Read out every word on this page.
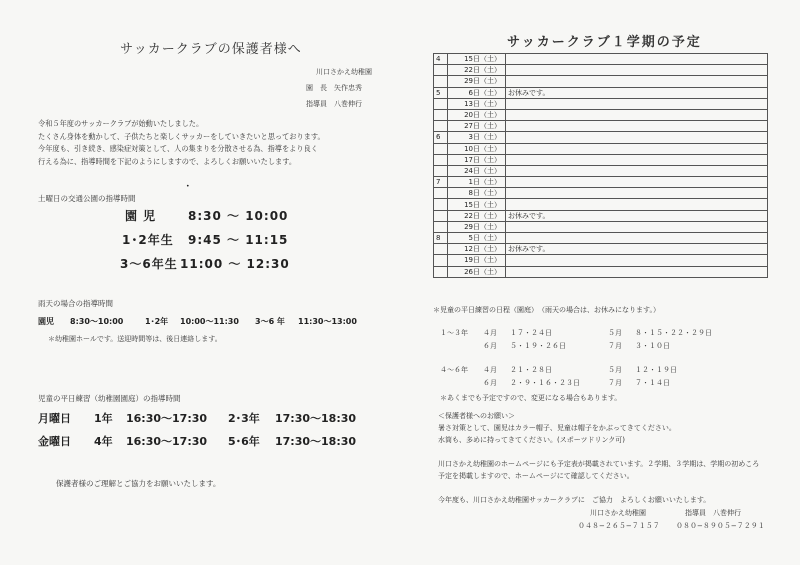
サッカークラブの保護者様へ
川口さかえ幼稚園
園　長　矢作忠秀
指導員　八巻伸行
令和５年度のサッカークラブが始動いたしました。
たくさん身体を動かして、子供たちと楽しくサッカーをしていきたいと思っております。
今年度も、引き続き、感染症対策として、人の集まりを分散させる為、指導をより良く
行える為に、指導時間を下記のようにしますので、よろしくお願いいたします。
土曜日の交通公園の指導時間
•
園 児	8:30 〜 10:00
1･2年生 9:45 〜 11:15
3〜6年生 11:00 〜 12:30
雨天の場合の指導時間
園児 8:30〜10:00	1･2年 10:00〜11:30 3〜6 年 11:30〜13:00
＊幼稚園ホールです。送迎時間等は、後日連絡します。
児童の平日練習（幼稚園園庭）の指導時間
月曜日 1年 16:30〜17:30 2･3年 17:30〜18:30
金曜日 4年 16:30〜17:30 5･6年 17:30〜18:30
保護者様のご理解とご協力をお願いいたします。
サッカークラブ１学期の予定
4	15日（土）	
	22日（土）	
	29日（土）	
5	6日（土）	お休みです。
	13日（土）	
	20日（土）	
	27日（土）	
6	3日（土）	
	10日（土）	
	17日（土）	
	24日（土）	
7	1日（土）	
	8日（土）	
	15日（土）	
	22日（土）	お休みです。
	29日（土）	
8	5日（土）	
	12日（土）	お休みです。
	19日（土）	
	26日（土）	
＊児童の平日練習の日程（園庭）　（雨天の場合は、お休みになります。）
１〜３年 ４月 １７・２４日	５月 ８・１５・２２・２９日
６月 ５・１９・２６日	７月 ３・１０日
４〜６年 ４月 ２１・２８日	５月 １２・１９日
６月 ２・９・１６・２３日	７月 ７・１４日
＊あくまでも予定ですので、変更になる場合もあります。
＜保護者様へのお願い＞
暑さ対策として、園児はカラー帽子、児童は帽子をかぶってきてください。
水筒も、多めに持ってきてください。(スポーツドリンク可)
川口さかえ幼稚園のホームページにも予定表が掲載されています。２学期、３学期は、学期の初めころ
予定を掲載しますので、ホームページにて確認してください。
今年度も、川口さかえ幼稚園サッカークラブに　ご協力　よろしくお願いいたします。
川口さかえ幼稚園	指導員　八巻伸行
０４８−２６５−７１５７ ０８０−８９０５−７２９１
